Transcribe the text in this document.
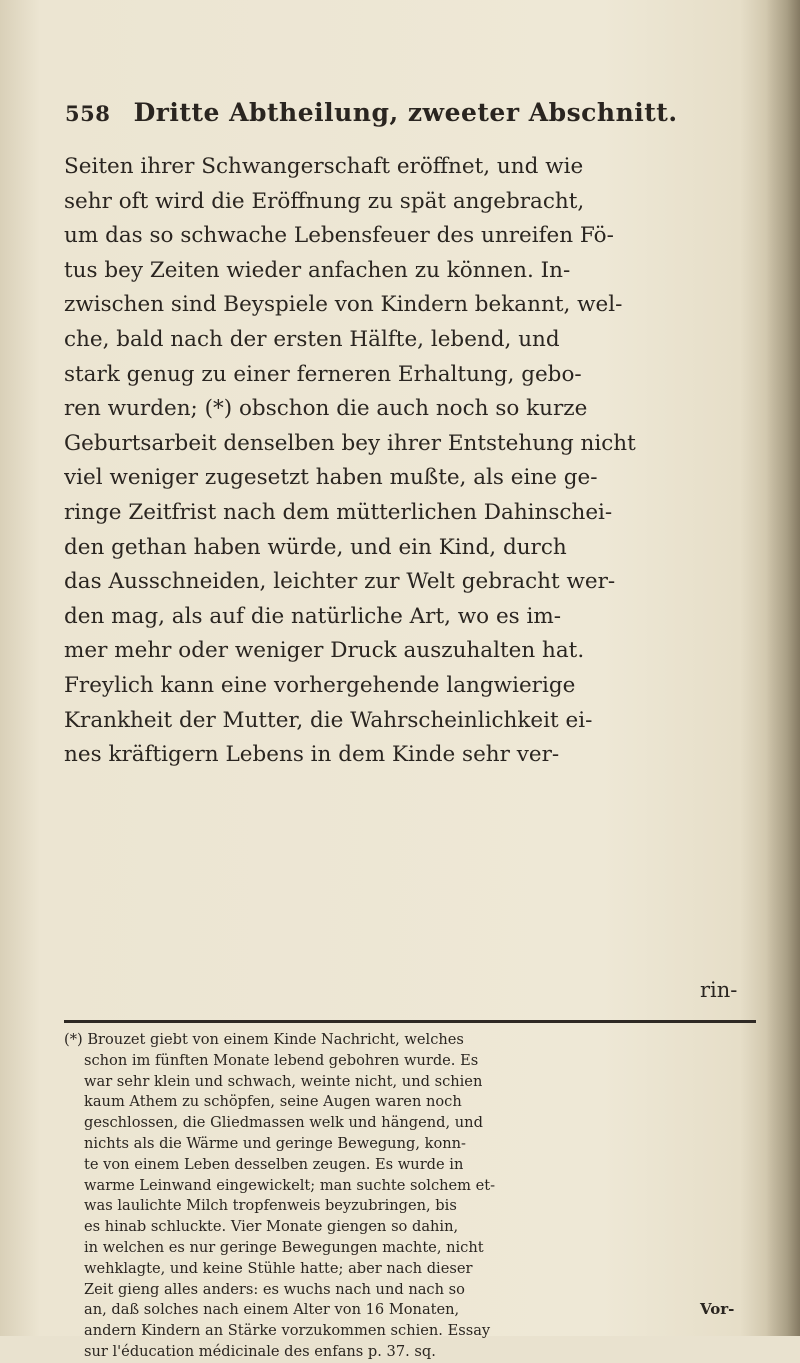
558 Dritte Abtheilung, zweeter Abschnitt.
Seiten ihrer Schwangerschaft eröffnet, und wie
sehr oft wird die Eröffnung zu spät angebracht,
um das so schwache Lebensfeuer des unreifen Fö-
tus bey Zeiten wieder anfachen zu können. In-
zwischen sind Beyspiele von Kindern bekannt, wel-
che, bald nach der ersten Hälfte, lebend, und
stark genug zu einer ferneren Erhaltung, gebo-
ren wurden; (*) obschon die auch noch so kurze
Geburtsarbeit denselben bey ihrer Entstehung nicht
viel weniger zugesetzt haben mußte, als eine ge-
ringe Zeitfrist nach dem mütterlichen Dahinschei-
den gethan haben würde, und ein Kind, durch
das Ausschneiden, leichter zur Welt gebracht wer-
den mag, als auf die natürliche Art, wo es im-
mer mehr oder weniger Druck auszuhalten hat.
Freylich kann eine vorhergehende langwierige
Krankheit der Mutter, die Wahrscheinlichkeit ei-
nes kräftigern Lebens in dem Kinde sehr ver-
rin-
(*) Brouzet giebt von einem Kinde Nachricht, welches
schon im fünften Monate lebend gebohren wurde. Es
war sehr klein und schwach, weinte nicht, und schien
kaum Athem zu schöpfen, seine Augen waren noch
geschlossen, die Gliedmassen welk und hängend, und
nichts als die Wärme und geringe Bewegung, konn-
te von einem Leben desselben zeugen. Es wurde in
warme Leinwand eingewickelt; man suchte solchem et-
was laulichte Milch tropfenweis beyzubringen, bis
es hinab schluckte. Vier Monate giengen so dahin,
in welchen es nur geringe Bewegungen machte, nicht
wehklagte, und keine Stühle hatte; aber nach dieser
Zeit gieng alles anders: es wuchs nach und nach so
an, daß solches nach einem Alter von 16 Monaten,
andern Kindern an Stärke vorzukommen schien. Essay
sur l'éducation médicinale des enfans p. 37. sq.
Vor-
